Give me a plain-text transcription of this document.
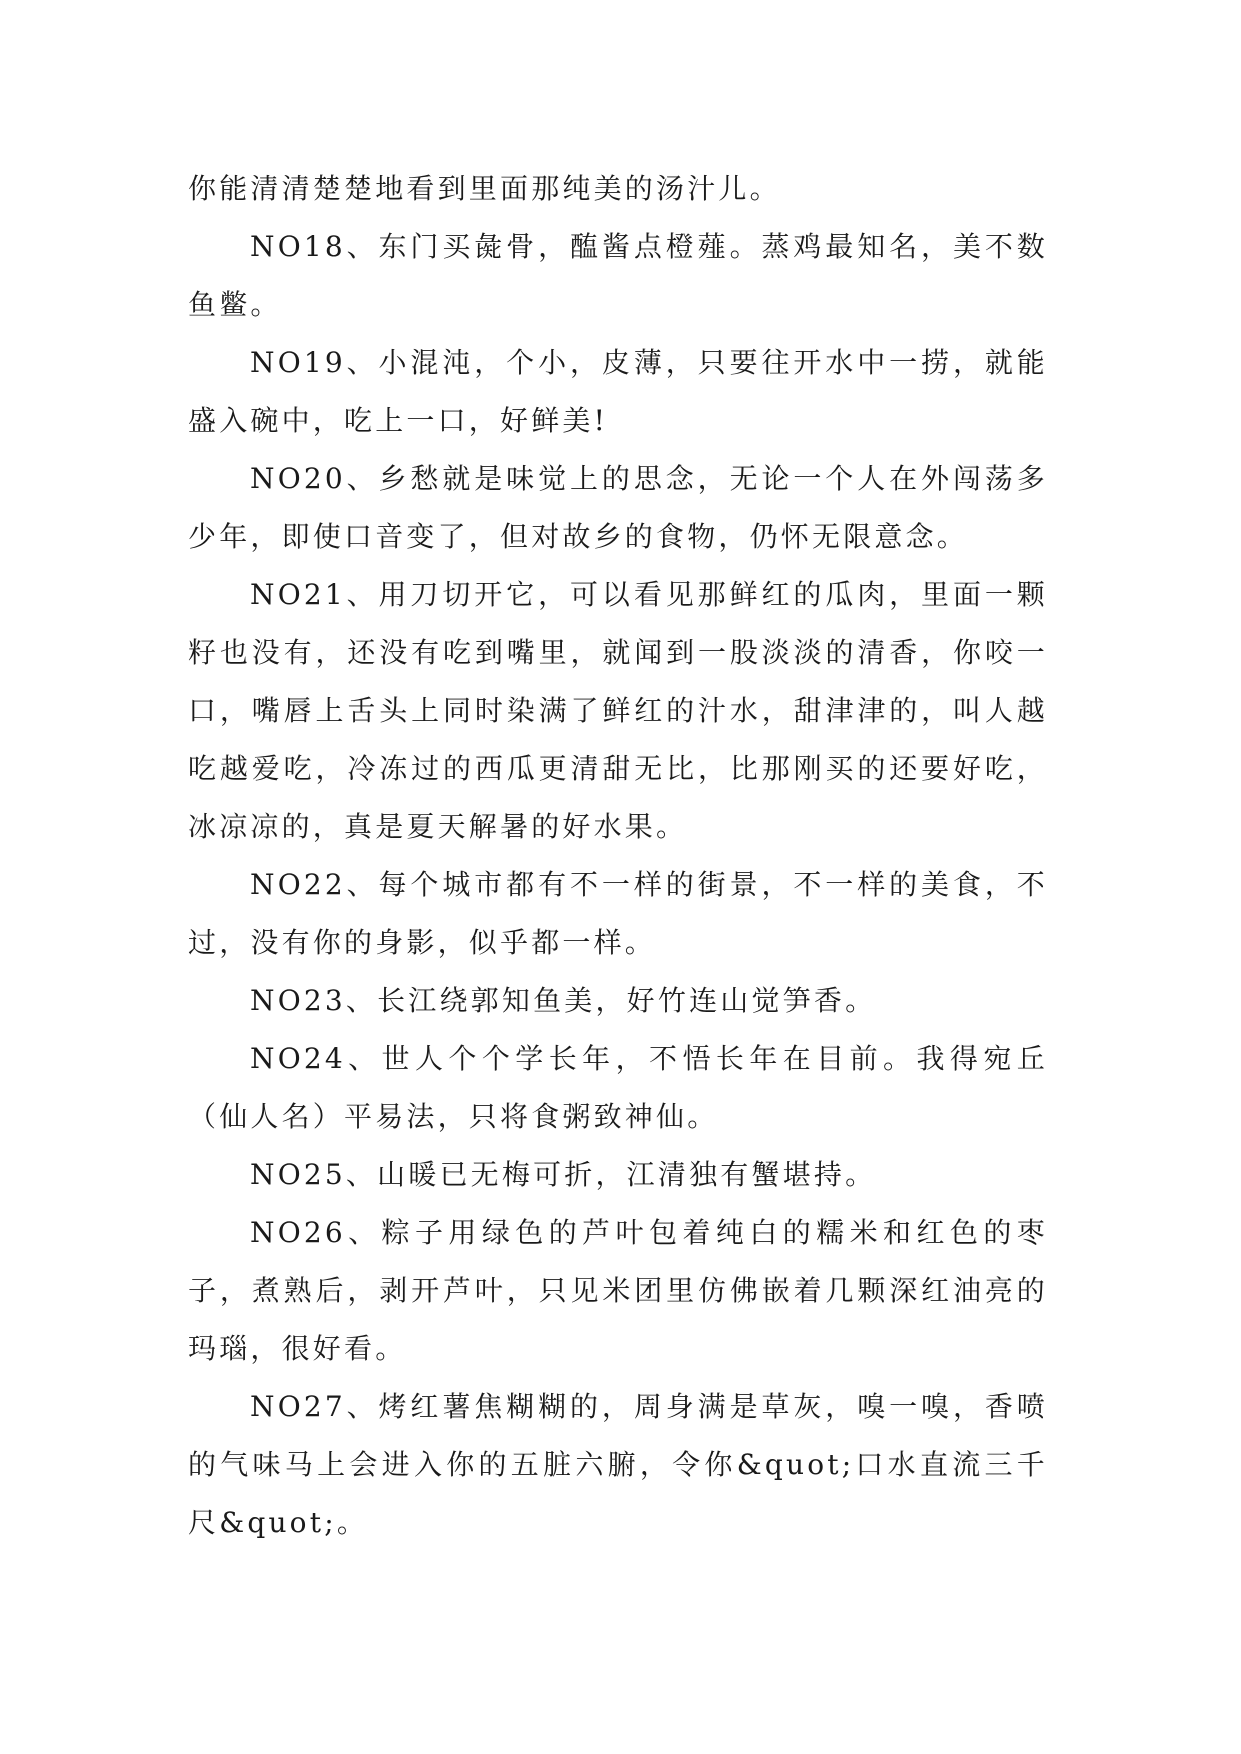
你能清清楚楚地看到里面那纯美的汤汁儿。

NO18、东门买彘骨，醢酱点橙薤。蒸鸡最知名，美不数鱼鳖。

NO19、小混沌，个小，皮薄，只要往开水中一捞，就能盛入碗中，吃上一口，好鲜美!

NO20、乡愁就是味觉上的思念，无论一个人在外闯荡多少年，即使口音变了，但对故乡的食物，仍怀无限意念。

NO21、用刀切开它，可以看见那鲜红的瓜肉，里面一颗籽也没有，还没有吃到嘴里，就闻到一股淡淡的清香，你咬一口，嘴唇上舌头上同时染满了鲜红的汁水，甜津津的，叫人越吃越爱吃，冷冻过的西瓜更清甜无比，比那刚买的还要好吃，冰凉凉的，真是夏天解暑的好水果。

NO22、每个城市都有不一样的街景，不一样的美食，不过，没有你的身影，似乎都一样。

NO23、长江绕郭知鱼美，好竹连山觉笋香。

NO24、世人个个学长年，不悟长年在目前。我得宛丘（仙人名）平易法，只将食粥致神仙。

NO25、山暖已无梅可折，江清独有蟹堪持。

NO26、粽子用绿色的芦叶包着纯白的糯米和红色的枣子，煮熟后，剥开芦叶，只见米团里仿佛嵌着几颗深红油亮的玛瑙，很好看。

NO27、烤红薯焦糊糊的，周身满是草灰，嗅一嗅，香喷的气味马上会进入你的五脏六腑，令你&quot;口水直流三千尺&quot;。
